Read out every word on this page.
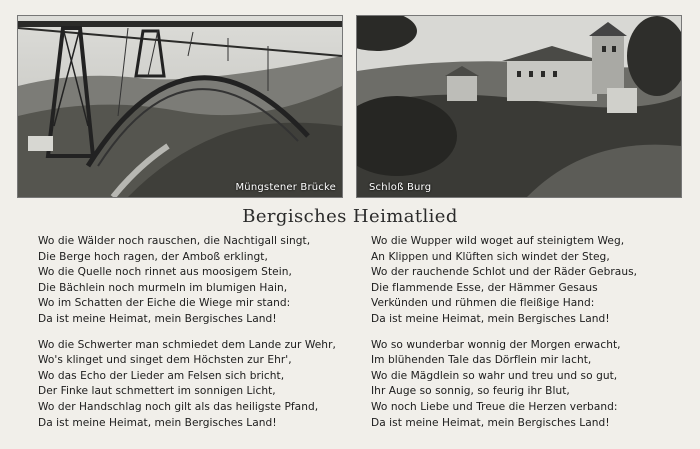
Müngstener Brücke	Schloß Burg
Bergisches Heimatlied
Wo die Wälder noch rauschen, die Nachtigall singt,
Die Berge hoch ragen, der Amboß erklingt,
Wo die Quelle noch rinnet aus moosigem Stein,
Die Bächlein noch murmeln im blumigen Hain,
Wo im Schatten der Eiche die Wiege mir stand:
Da ist meine Heimat, mein Bergisches Land!
Wo die Schwerter man schmiedet dem Lande zur Wehr,
Wo's klinget und singet dem Höchsten zur Ehr',
Wo das Echo der Lieder am Felsen sich bricht,
Der Finke laut schmettert im sonnigen Licht,
Wo der Handschlag noch gilt als das heiligste Pfand,
Da ist meine Heimat, mein Bergisches Land!
Wo die Wupper wild woget auf steinigtem Weg,
An Klippen und Klüften sich windet der Steg,
Wo der rauchende Schlot und der Räder Gebraus,
Die flammende Esse, der Hämmer Gesaus
Verkünden und rühmen die fleißige Hand:
Da ist meine Heimat, mein Bergisches Land!
Wo so wunderbar wonnig der Morgen erwacht,
Im blühenden Tale das Dörflein mir lacht,
Wo die Mägdlein so wahr und treu und so gut,
Ihr Auge so sonnig, so feurig ihr Blut,
Wo noch Liebe und Treue die Herzen verband:
Da ist meine Heimat, mein Bergisches Land!
